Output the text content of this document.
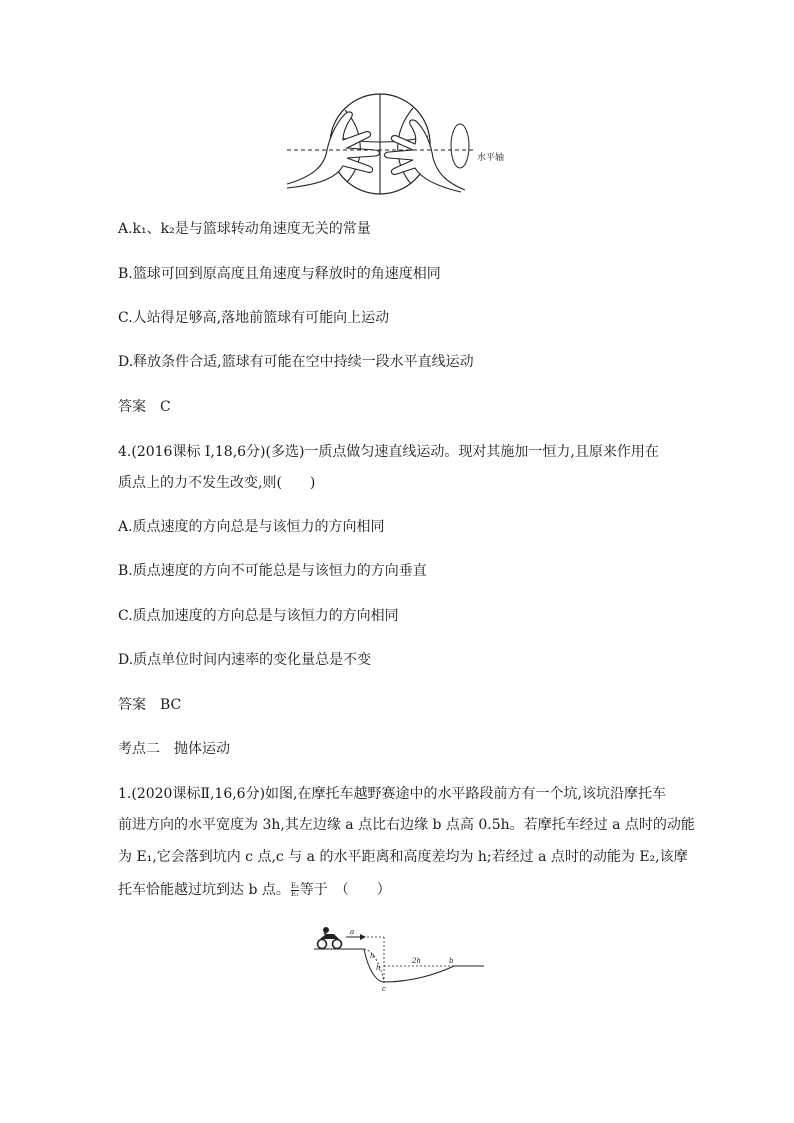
水平轴
A.k₁、k₂是与篮球转动角速度无关的常量
B.篮球可回到原高度且角速度与释放时的角速度相同
C.人站得足够高,落地前篮球有可能向上运动
D.释放条件合适,篮球有可能在空中持续一段水平直线运动
答案 C
4.(2016课标 Ⅰ,18,6分)(多选)一质点做匀速直线运动。现对其施加一恒力,且原来作用在
质点上的力不发生改变,则(　　)
A.质点速度的方向总是与该恒力的方向相同
B.质点速度的方向不可能总是与该恒力的方向垂直
C.质点加速度的方向总是与该恒力的方向相同
D.质点单位时间内速率的变化量总是不变
答案 BC
考点二　抛体运动
1.(2020课标Ⅱ,16,6分)如图,在摩托车越野赛途中的水平路段前方有一个坑,该坑沿摩托车
前进方向的水平宽度为 3h,其左边缘 a 点比右边缘 b 点高 0.5h。若摩托车经过 a 点时的动能
为 E₁,它会落到坑内 c 点,c 与 a 的水平距离和高度差均为 h;若经过 a 点时的动能为 E₂,该摩
托车恰能越过坑到达 b 点。 $\frac{\text{E₂}}{\text{E₁}}$ 等于　（　　）
a
h
h
2h	b
c
